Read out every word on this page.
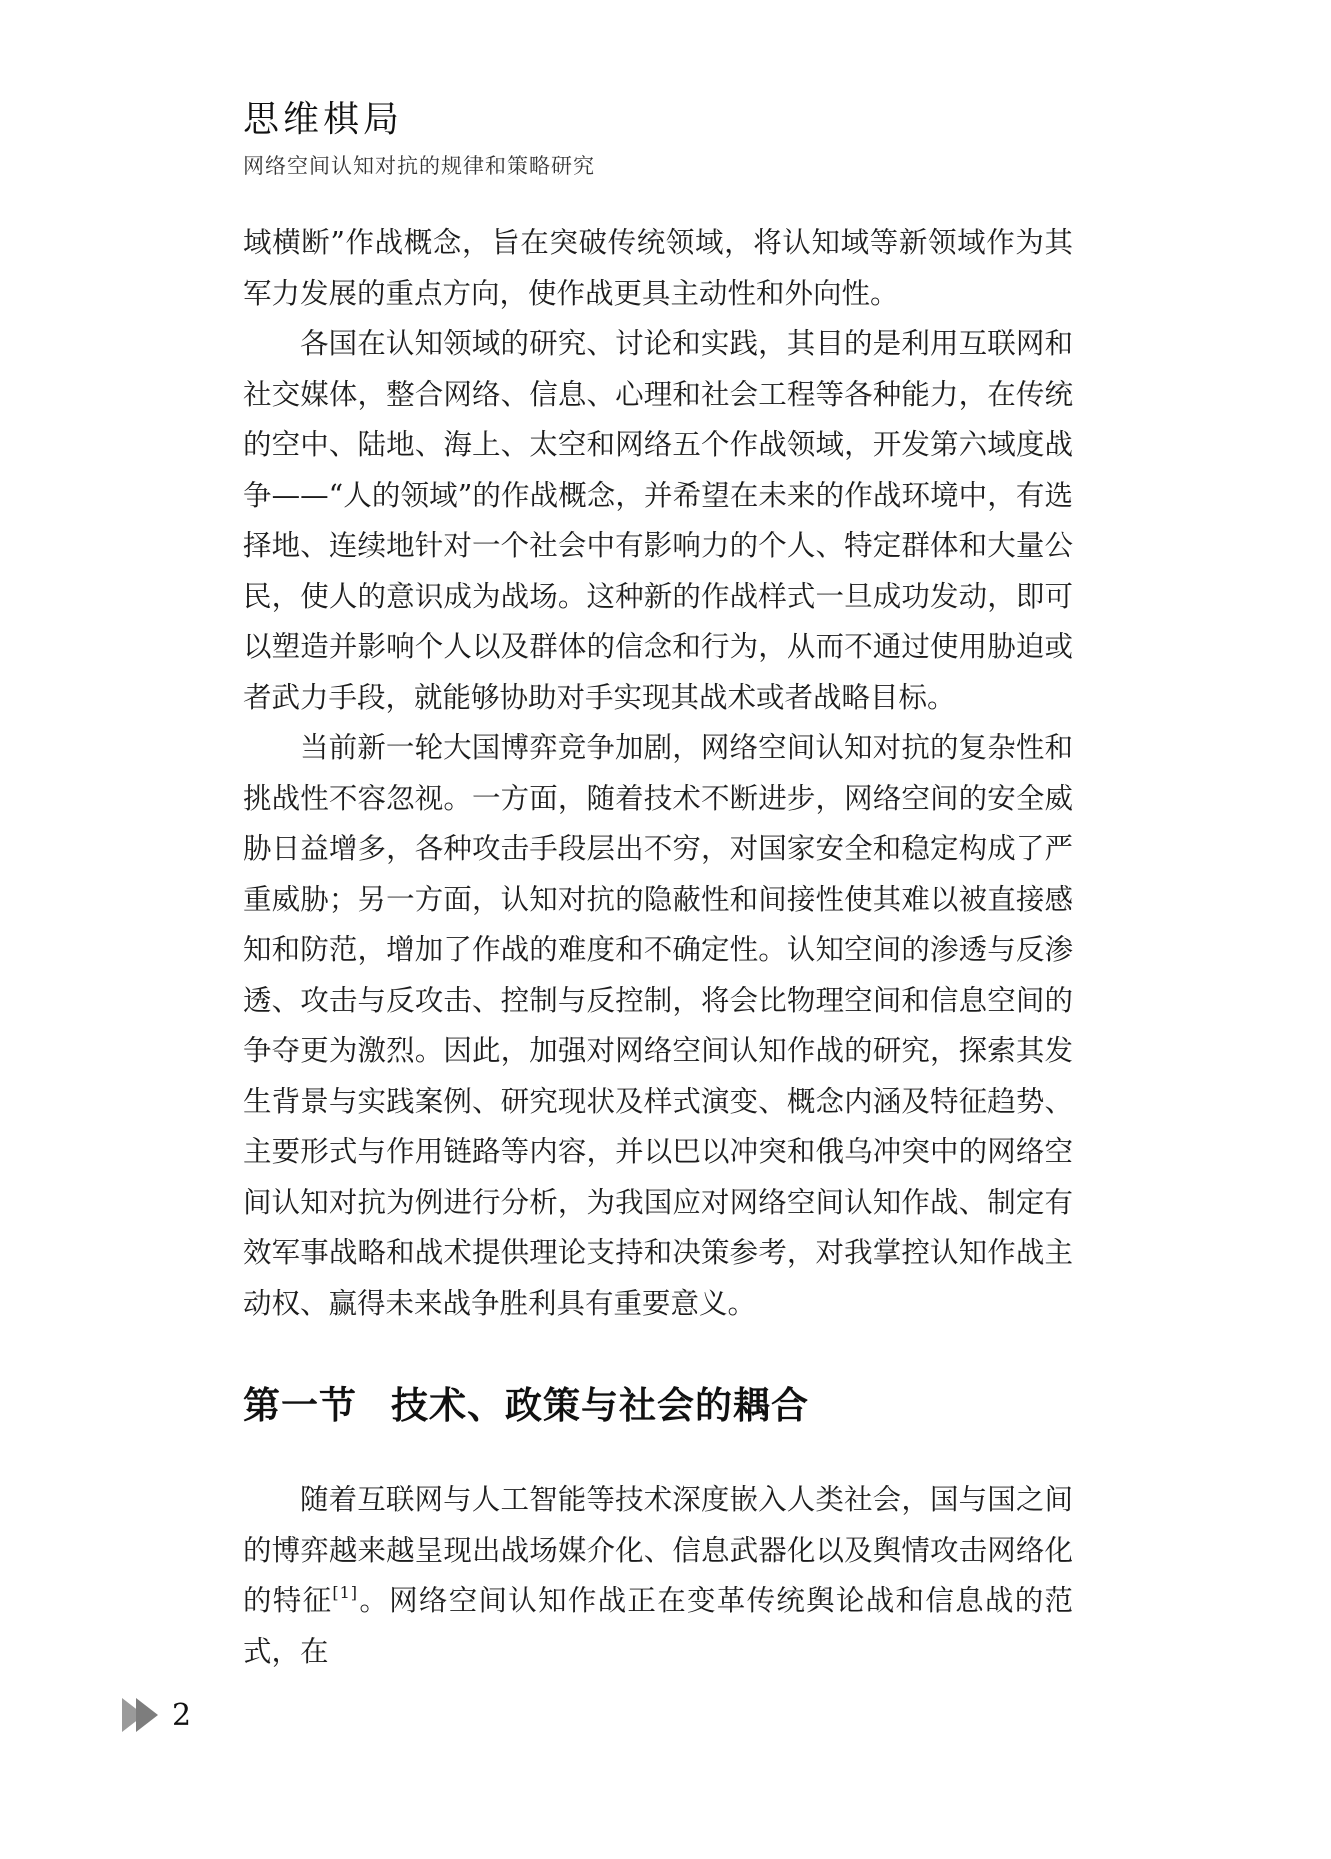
思维棋局
网络空间认知对抗的规律和策略研究

域横断”作战概念，旨在突破传统领域，将认知域等新领域作为其军力发展的重点方向，使作战更具主动性和外向性。

各国在认知领域的研究、讨论和实践，其目的是利用互联网和社交媒体，整合网络、信息、心理和社会工程等各种能力，在传统的空中、陆地、海上、太空和网络五个作战领域，开发第六域度战争——“人的领域”的作战概念，并希望在未来的作战环境中，有选择地、连续地针对一个社会中有影响力的个人、特定群体和大量公民，使人的意识成为战场。这种新的作战样式一旦成功发动，即可以塑造并影响个人以及群体的信念和行为，从而不通过使用胁迫或者武力手段，就能够协助对手实现其战术或者战略目标。

当前新一轮大国博弈竞争加剧，网络空间认知对抗的复杂性和挑战性不容忽视。一方面，随着技术不断进步，网络空间的安全威胁日益增多，各种攻击手段层出不穷，对国家安全和稳定构成了严重威胁；另一方面，认知对抗的隐蔽性和间接性使其难以被直接感知和防范，增加了作战的难度和不确定性。认知空间的渗透与反渗透、攻击与反攻击、控制与反控制，将会比物理空间和信息空间的争夺更为激烈。因此，加强对网络空间认知作战的研究，探索其发生背景与实践案例、研究现状及样式演变、概念内涵及特征趋势、主要形式与作用链路等内容，并以巴以冲突和俄乌冲突中的网络空间认知对抗为例进行分析，为我国应对网络空间认知作战、制定有效军事战略和战术提供理论支持和决策参考，对我掌控认知作战主动权、赢得未来战争胜利具有重要意义。

第一节 技术、政策与社会的耦合

随着互联网与人工智能等技术深度嵌入人类社会，国与国之间的博弈越来越呈现出战场媒介化、信息武器化以及舆情攻击网络化的特征[1]。网络空间认知作战正在变革传统舆论战和信息战的范式，在

2
